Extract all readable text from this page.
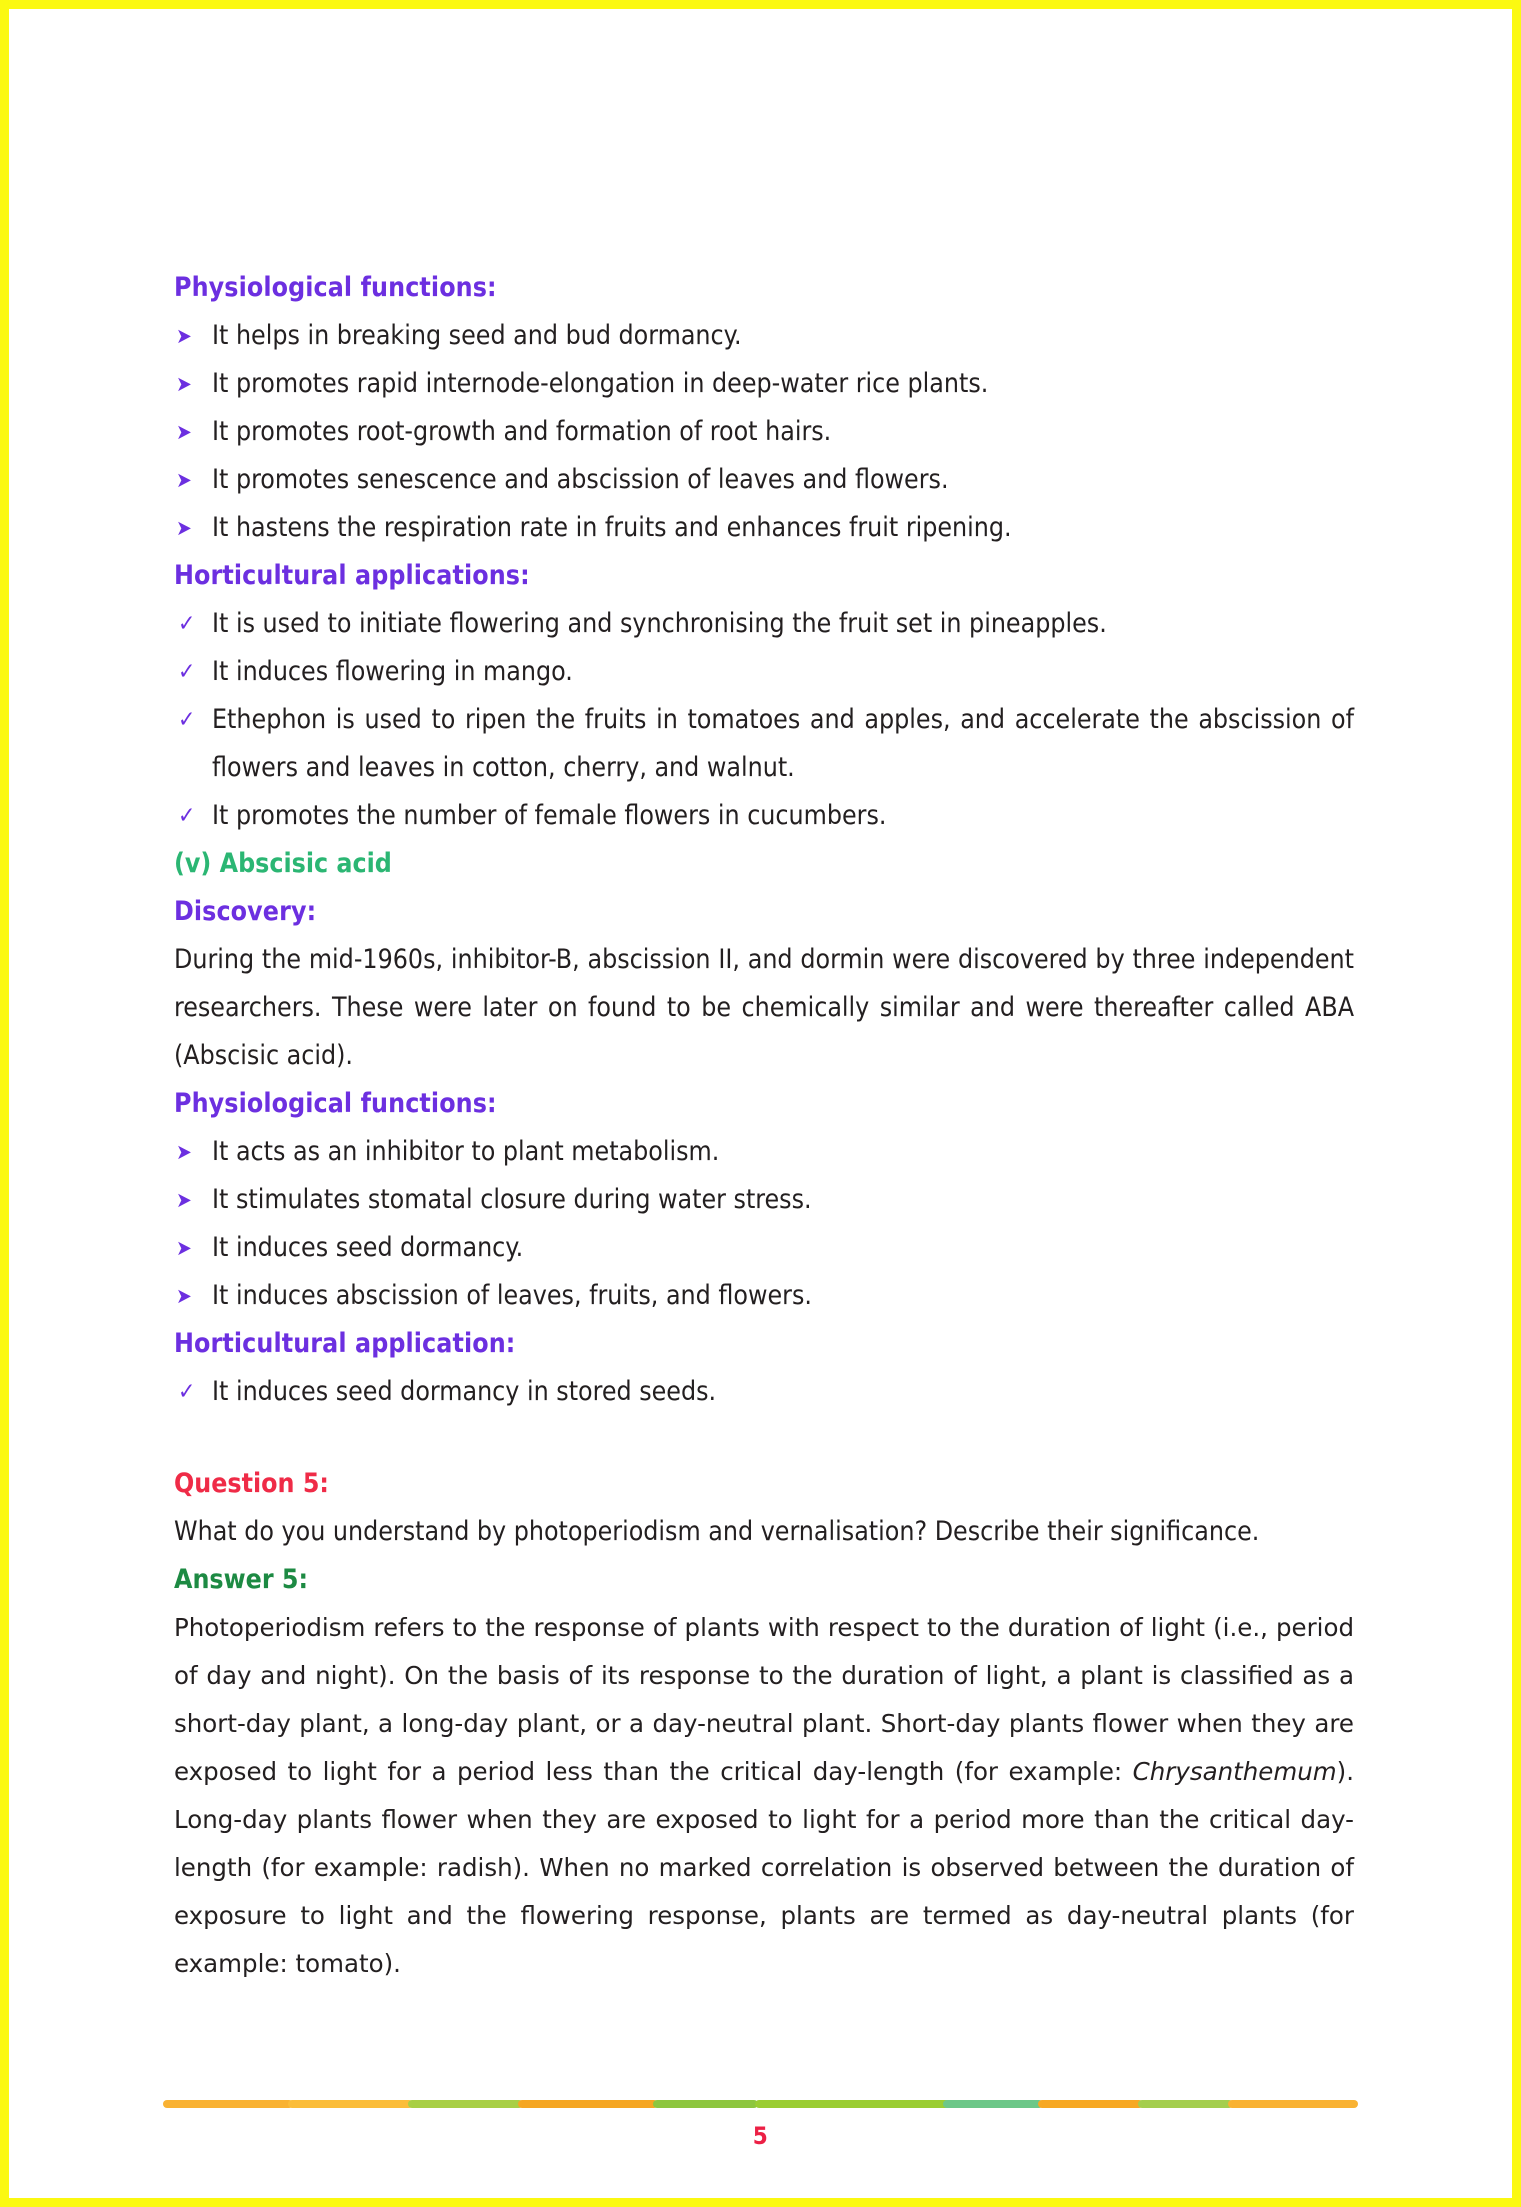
Physiological functions:
➤ It helps in breaking seed and bud dormancy.
➤ It promotes rapid internode-elongation in deep-water rice plants.
➤ It promotes root-growth and formation of root hairs.
➤ It promotes senescence and abscission of leaves and flowers.
➤ It hastens the respiration rate in fruits and enhances fruit ripening.
Horticultural applications:
✓ It is used to initiate flowering and synchronising the fruit set in pineapples.
✓ It induces flowering in mango.
✓ Ethephon is used to ripen the fruits in tomatoes and apples, and accelerate the abscission of flowers and leaves in cotton, cherry, and walnut.
✓ It promotes the number of female flowers in cucumbers.
(v) Abscisic acid
Discovery:

During the mid-1960s, inhibitor-B, abscission II, and dormin were discovered by three independent researchers. These were later on found to be chemically similar and were thereafter called ABA (Abscisic acid).

Physiological functions:
➤ It acts as an inhibitor to plant metabolism.
➤ It stimulates stomatal closure during water stress.
➤ It induces seed dormancy.
➤ It induces abscission of leaves, fruits, and flowers.
Horticultural application:
✓ It induces seed dormancy in stored seeds.
Question 5:

What do you understand by photoperiodism and vernalisation? Describe their significance.

Answer 5:

Photoperiodism refers to the response of plants with respect to the duration of light (i.e., period of day and night). On the basis of its response to the duration of light, a plant is classified as a short-day plant, a long-day plant, or a day-neutral plant. Short-day plants flower when they are exposed to light for a period less than the critical day-length (for example: Chrysanthemum). Long-day plants flower when they are exposed to light for a period more than the critical day-length (for example: radish). When no marked correlation is observed between the duration of exposure to light and the flowering response, plants are termed as day-neutral plants (for example: tomato).

5
